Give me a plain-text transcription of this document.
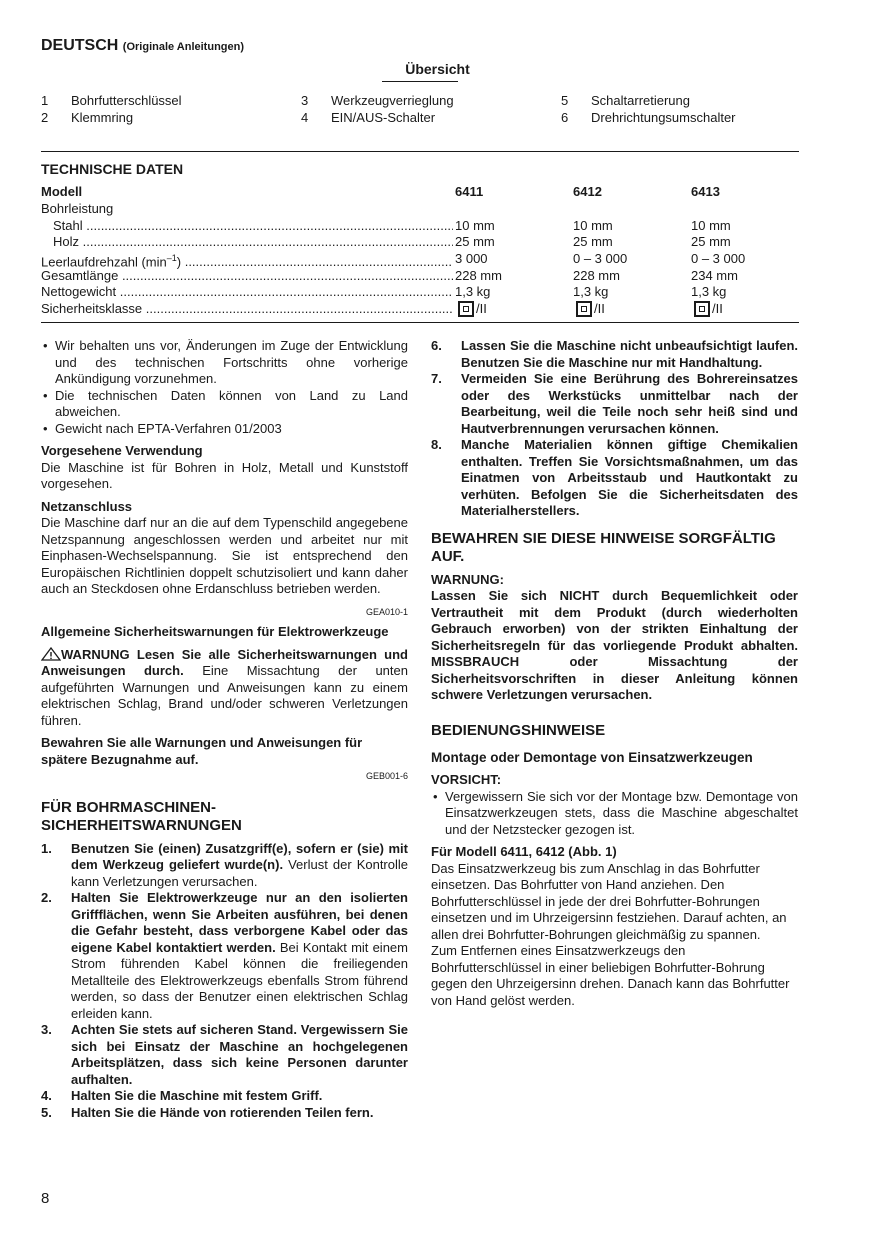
DEUTSCH (Originale Anleitungen)
Übersicht
1 Bohrfutterschlüssel
2 Klemmring
3 Werkzeugverrieglung
4 EIN/AUS-Schalter
5 Schaltarretierung
6 Drehrichtungsumschalter
TECHNISCHE DATEN
Modell	6411	6412	6413
Bohrleistung
Stahl .....	10 mm	10 mm	10 mm
Holz .....	25 mm	25 mm	25 mm
Leerlaufdrehzahl $(\min^{-1})$ .....	3 000	0 – 3 000	0 – 3 000
Gesamtlänge .....	228 mm	228 mm	234 mm
Nettogewicht .....	1,3 kg	1,3 kg	1,3 kg
Sicherheitsklasse .....	/II	/II	/II

• Wir behalten uns vor, Änderungen im Zuge der Entwicklung und des technischen Fortschritts ohne vorherige Ankündigung vorzunehmen.

• Die technischen Daten können von Land zu Land abweichen.

• Gewicht nach EPTA-Verfahren 01/2003

Vorgesehene Verwendung

Die Maschine ist für Bohren in Holz, Metall und Kunststoff vorgesehen.

Netzanschluss

Die Maschine darf nur an die auf dem Typenschild angegebene Netzspannung angeschlossen werden und arbeitet nur mit Einphasen-Wechselspannung. Sie ist entsprechend den Europäischen Richtlinien doppelt schutzisoliert und kann daher auch an Steckdosen ohne Erdanschluss betrieben werden.

GEA010-1

Allgemeine Sicherheitswarnungen für Elektrowerkzeuge

WARNUNG Lesen Sie alle Sicherheitswarnungen und Anweisungen durch. Eine Missachtung der unten aufgeführten Warnungen und Anweisungen kann zu einem elektrischen Schlag, Brand und/oder schweren Verletzungen führen.

Bewahren Sie alle Warnungen und Anweisungen für spätere Bezugnahme auf.

GEB001-6

FÜR BOHRMASCHINEN-SICHERHEITSWARNUNGEN

1. Benutzen Sie (einen) Zusatzgriff(e), sofern er (sie) mit dem Werkzeug geliefert wurde(n). Verlust der Kontrolle kann Verletzungen verursachen.

2. Halten Sie Elektrowerkzeuge nur an den isolierten Griffflächen, wenn Sie Arbeiten ausführen, bei denen die Gefahr besteht, dass verborgene Kabel oder das eigene Kabel kontaktiert werden. Bei Kontakt mit einem Strom führenden Kabel können die freiliegenden Metallteile des Elektrowerkzeugs ebenfalls Strom führend werden, so dass der Benutzer einen elektrischen Schlag erleiden kann.

3. Achten Sie stets auf sicheren Stand. Vergewissern Sie sich bei Einsatz der Maschine an hochgelegenen Arbeitsplätzen, dass sich keine Personen darunter aufhalten.

4. Halten Sie die Maschine mit festem Griff.

5. Halten Sie die Hände von rotierenden Teilen fern.

6. Lassen Sie die Maschine nicht unbeaufsichtigt laufen. Benutzen Sie die Maschine nur mit Handhaltung.

7. Vermeiden Sie eine Berührung des Bohrereinsatzes oder des Werkstücks unmittelbar nach der Bearbeitung, weil die Teile noch sehr heiß sind und Hautverbrennungen verursachen können.

8. Manche Materialien können giftige Chemikalien enthalten. Treffen Sie Vorsichtsmaßnahmen, um das Einatmen von Arbeitsstaub und Hautkontakt zu verhüten. Befolgen Sie die Sicherheitsdaten des Materialherstellers.

BEWAHREN SIE DIESE HINWEISE SORGFÄLTIG AUF.

WARNUNG:

Lassen Sie sich NICHT durch Bequemlichkeit oder Vertrautheit mit dem Produkt (durch wiederholten Gebrauch erworben) von der strikten Einhaltung der Sicherheitsregeln für das vorliegende Produkt abhalten. MISSBRAUCH oder Missachtung der Sicherheitsvorschriften in dieser Anleitung können schwere Verletzungen verursachen.

BEDIENUNGSHINWEISE

Montage oder Demontage von Einsatzwerkzeugen

VORSICHT:

• Vergewissern Sie sich vor der Montage bzw. Demontage von Einsatzwerkzeugen stets, dass die Maschine abgeschaltet und der Netzstecker gezogen ist.

Für Modell 6411, 6412 (Abb. 1)

Das Einsatzwerkzeug bis zum Anschlag in das Bohrfutter einsetzen. Das Bohrfutter von Hand anziehen. Den Bohrfutterschlüssel in jede der drei Bohrfutter-Bohrungen einsetzen und im Uhrzeigersinn festziehen. Darauf achten, an allen drei Bohrfutter-Bohrungen gleichmäßig zu spannen.

Zum Entfernen eines Einsatzwerkzeugs den Bohrfutterschlüssel in einer beliebigen Bohrfutter-Bohrung gegen den Uhrzeigersinn drehen. Danach kann das Bohrfutter von Hand gelöst werden.

8
